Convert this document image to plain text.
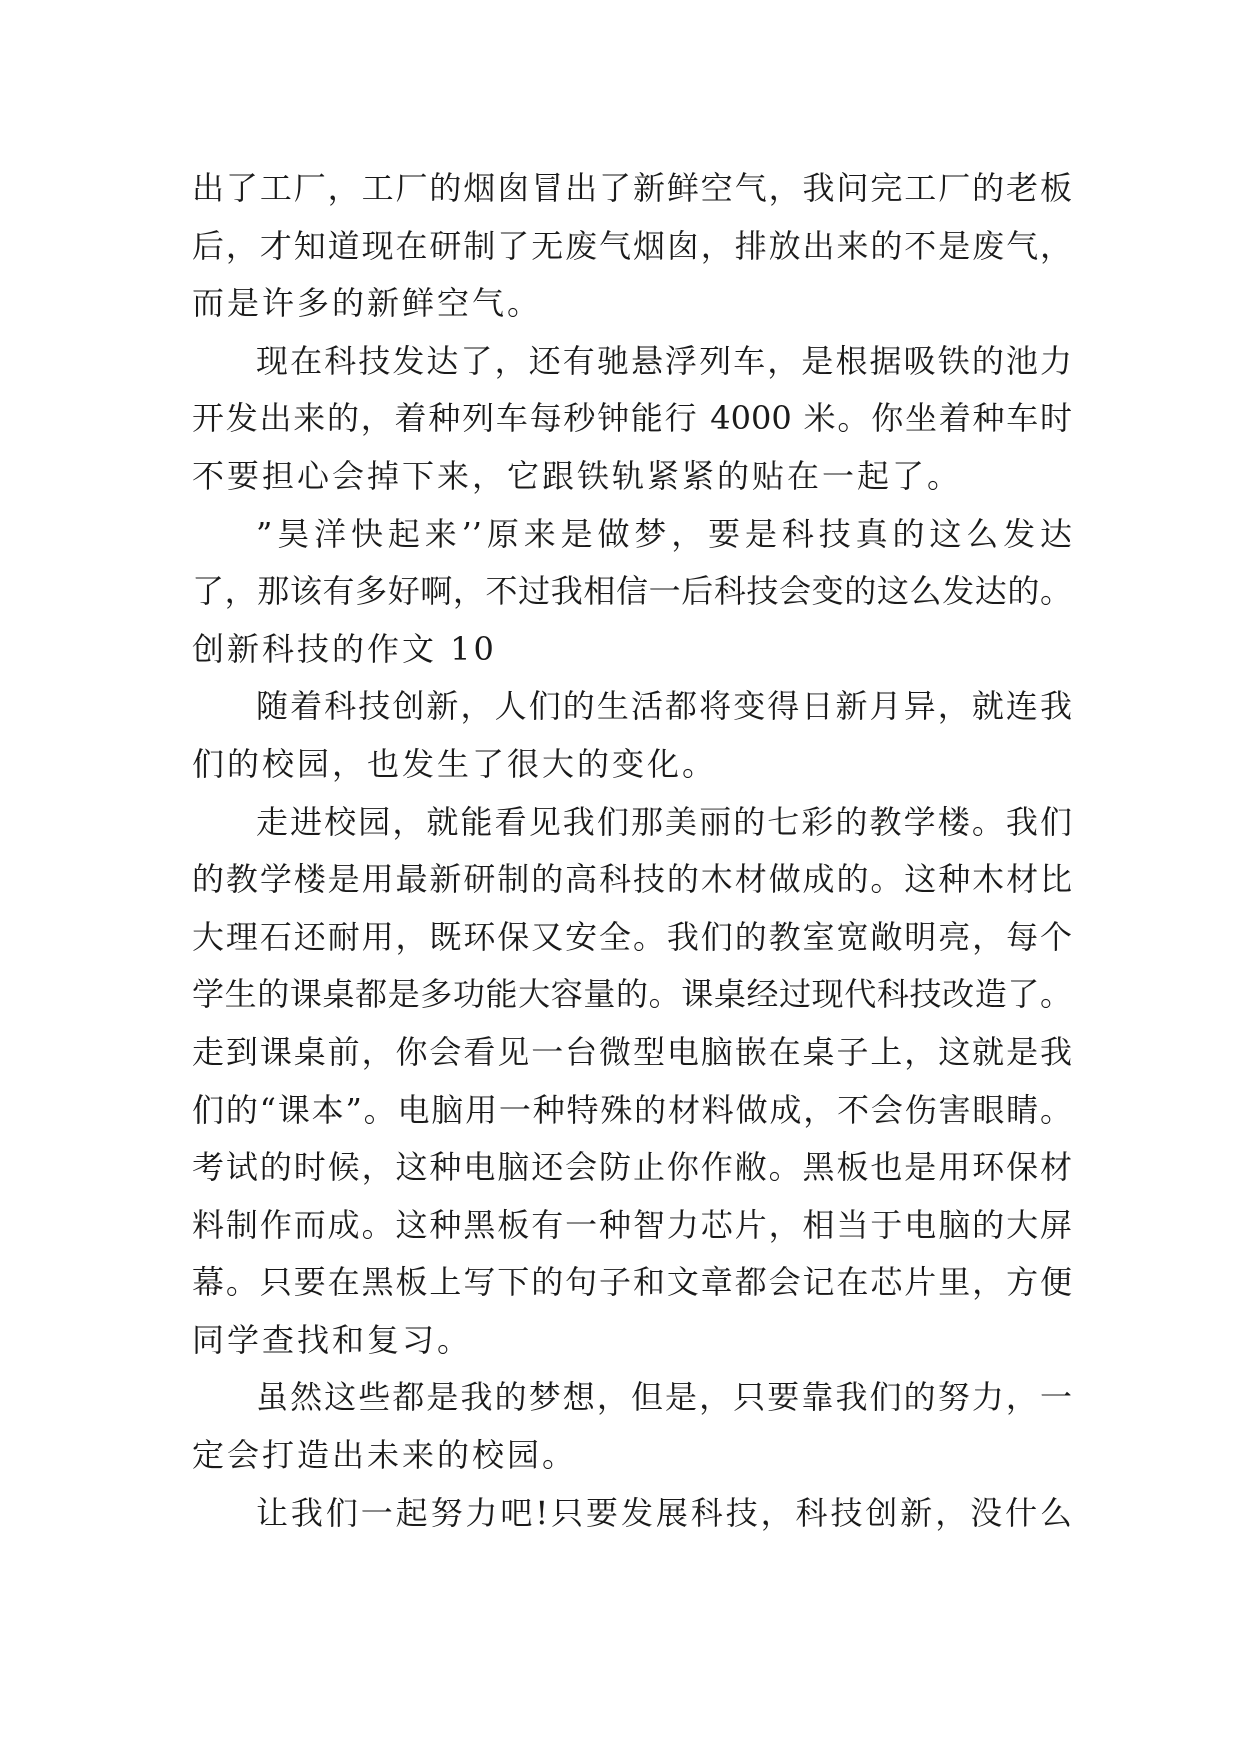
出了工厂，工厂的烟囱冒出了新鲜空气，我问完工厂的老板
后，才知道现在研制了无废气烟囱，排放出来的不是废气，
而是许多的新鲜空气。
现在科技发达了，还有驰悬浮列车，是根据吸铁的池力
开发出来的，着种列车每秒钟能行 4000 米。你坐着种车时
不要担心会掉下来，它跟铁轨紧紧的贴在一起了。
”昊洋快起来’’原来是做梦，要是科技真的这么发达
了，那该有多好啊，不过我相信一后科技会变的这么发达的。
创新科技的作文 10
随着科技创新，人们的生活都将变得日新月异，就连我
们的校园，也发生了很大的变化。
走进校园，就能看见我们那美丽的七彩的教学楼。我们
的教学楼是用最新研制的高科技的木材做成的。这种木材比
大理石还耐用，既环保又安全。我们的教室宽敞明亮，每个
学生的课桌都是多功能大容量的。课桌经过现代科技改造了。
走到课桌前，你会看见一台微型电脑嵌在桌子上，这就是我
们的“课本”。电脑用一种特殊的材料做成，不会伤害眼睛。
考试的时候，这种电脑还会防止你作敝。黑板也是用环保材
料制作而成。这种黑板有一种智力芯片，相当于电脑的大屏
幕。只要在黑板上写下的句子和文章都会记在芯片里，方便
同学查找和复习。
虽然这些都是我的梦想，但是，只要靠我们的努力，一
定会打造出未来的校园。
让我们一起努力吧!只要发展科技，科技创新，没什么
